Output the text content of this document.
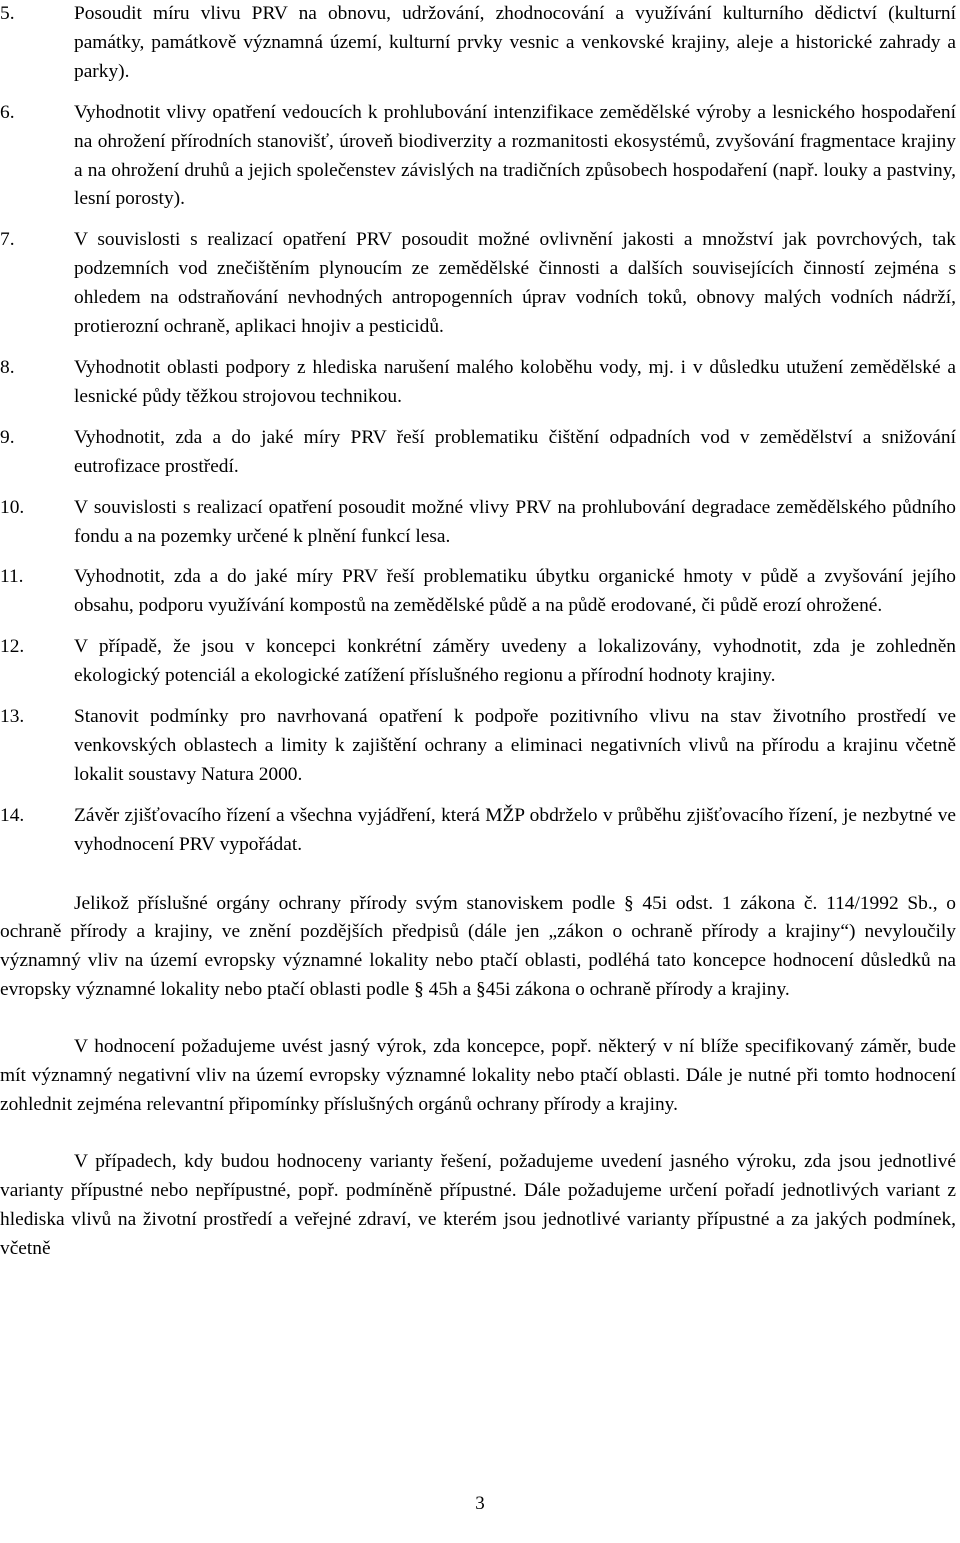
5.	Posoudit míru vlivu PRV na obnovu, udržování, zhodnocování a využívání kulturního dědictví (kulturní památky, památkově významná území, kulturní prvky vesnic a venkovské krajiny, aleje a historické zahrady a parky).
6.	Vyhodnotit vlivy opatření vedoucích k prohlubování intenzifikace zemědělské výroby a lesnického hospodaření na ohrožení přírodních stanovišť, úroveň biodiverzity a rozmanitosti ekosystémů, zvyšování fragmentace krajiny a na ohrožení druhů a jejich společenstev závislých na tradičních způsobech hospodaření (např. louky a pastviny, lesní porosty).
7.	V souvislosti s realizací opatření PRV posoudit možné ovlivnění jakosti a množství jak povrchových, tak podzemních vod znečištěním plynoucím ze zemědělské činnosti a dalších souvisejících činností zejména s ohledem na odstraňování nevhodných antropogenních úprav vodních toků, obnovy malých vodních nádrží, protierozní ochraně, aplikaci hnojiv a pesticidů.
8.	Vyhodnotit oblasti podpory z hlediska narušení malého koloběhu vody, mj. i v důsledku utužení zemědělské a lesnické půdy těžkou strojovou technikou.
9.	Vyhodnotit, zda a do jaké míry PRV řeší problematiku čištění odpadních vod v zemědělství a snižování eutrofizace prostředí.
10.	V souvislosti s realizací opatření posoudit možné vlivy PRV na prohlubování degradace zemědělského půdního fondu a na pozemky určené k plnění funkcí lesa.
11.	Vyhodnotit, zda a do jaké míry PRV řeší problematiku úbytku organické hmoty v půdě a zvyšování jejího obsahu, podporu využívání kompostů na zemědělské půdě a na půdě erodované, či půdě erozí ohrožené.
12.	V případě, že jsou v koncepci konkrétní záměry uvedeny a lokalizovány, vyhodnotit, zda je zohledněn ekologický potenciál a ekologické zatížení příslušného regionu a přírodní hodnoty krajiny.
13.	Stanovit podmínky pro navrhovaná opatření k podpoře pozitivního vlivu na stav životního prostředí ve venkovských oblastech a limity k zajištění ochrany a eliminaci negativních vlivů na přírodu a krajinu včetně lokalit soustavy Natura 2000.
14.	Závěr zjišťovacího řízení a všechna vyjádření, která MŽP obdrželo v průběhu zjišťovacího řízení, je nezbytné ve vyhodnocení PRV vypořádat.

Jelikož příslušné orgány ochrany přírody svým stanoviskem podle § 45i odst. 1 zákona č. 114/1992 Sb., o ochraně přírody a krajiny, ve znění pozdějších předpisů (dále jen „zákon o ochraně přírody a krajiny“) nevyloučily významný vliv na území evropsky významné lokality nebo ptačí oblasti, podléhá tato koncepce hodnocení důsledků na evropsky významné lokality nebo ptačí oblasti podle § 45h a §45i zákona o ochraně přírody a krajiny.

V hodnocení požadujeme uvést jasný výrok, zda koncepce, popř. některý v ní blíže specifikovaný záměr, bude mít významný negativní vliv na území evropsky významné lokality nebo ptačí oblasti. Dále je nutné při tomto hodnocení zohlednit zejména relevantní připomínky příslušných orgánů ochrany přírody a krajiny.

V případech, kdy budou hodnoceny varianty řešení, požadujeme uvedení jasného výroku, zda jsou jednotlivé varianty přípustné nebo nepřípustné, popř. podmíněně přípustné. Dále požadujeme určení pořadí jednotlivých variant z hlediska vlivů na životní prostředí a veřejné zdraví, ve kterém jsou jednotlivé varianty přípustné a za jakých podmínek, včetně

3
